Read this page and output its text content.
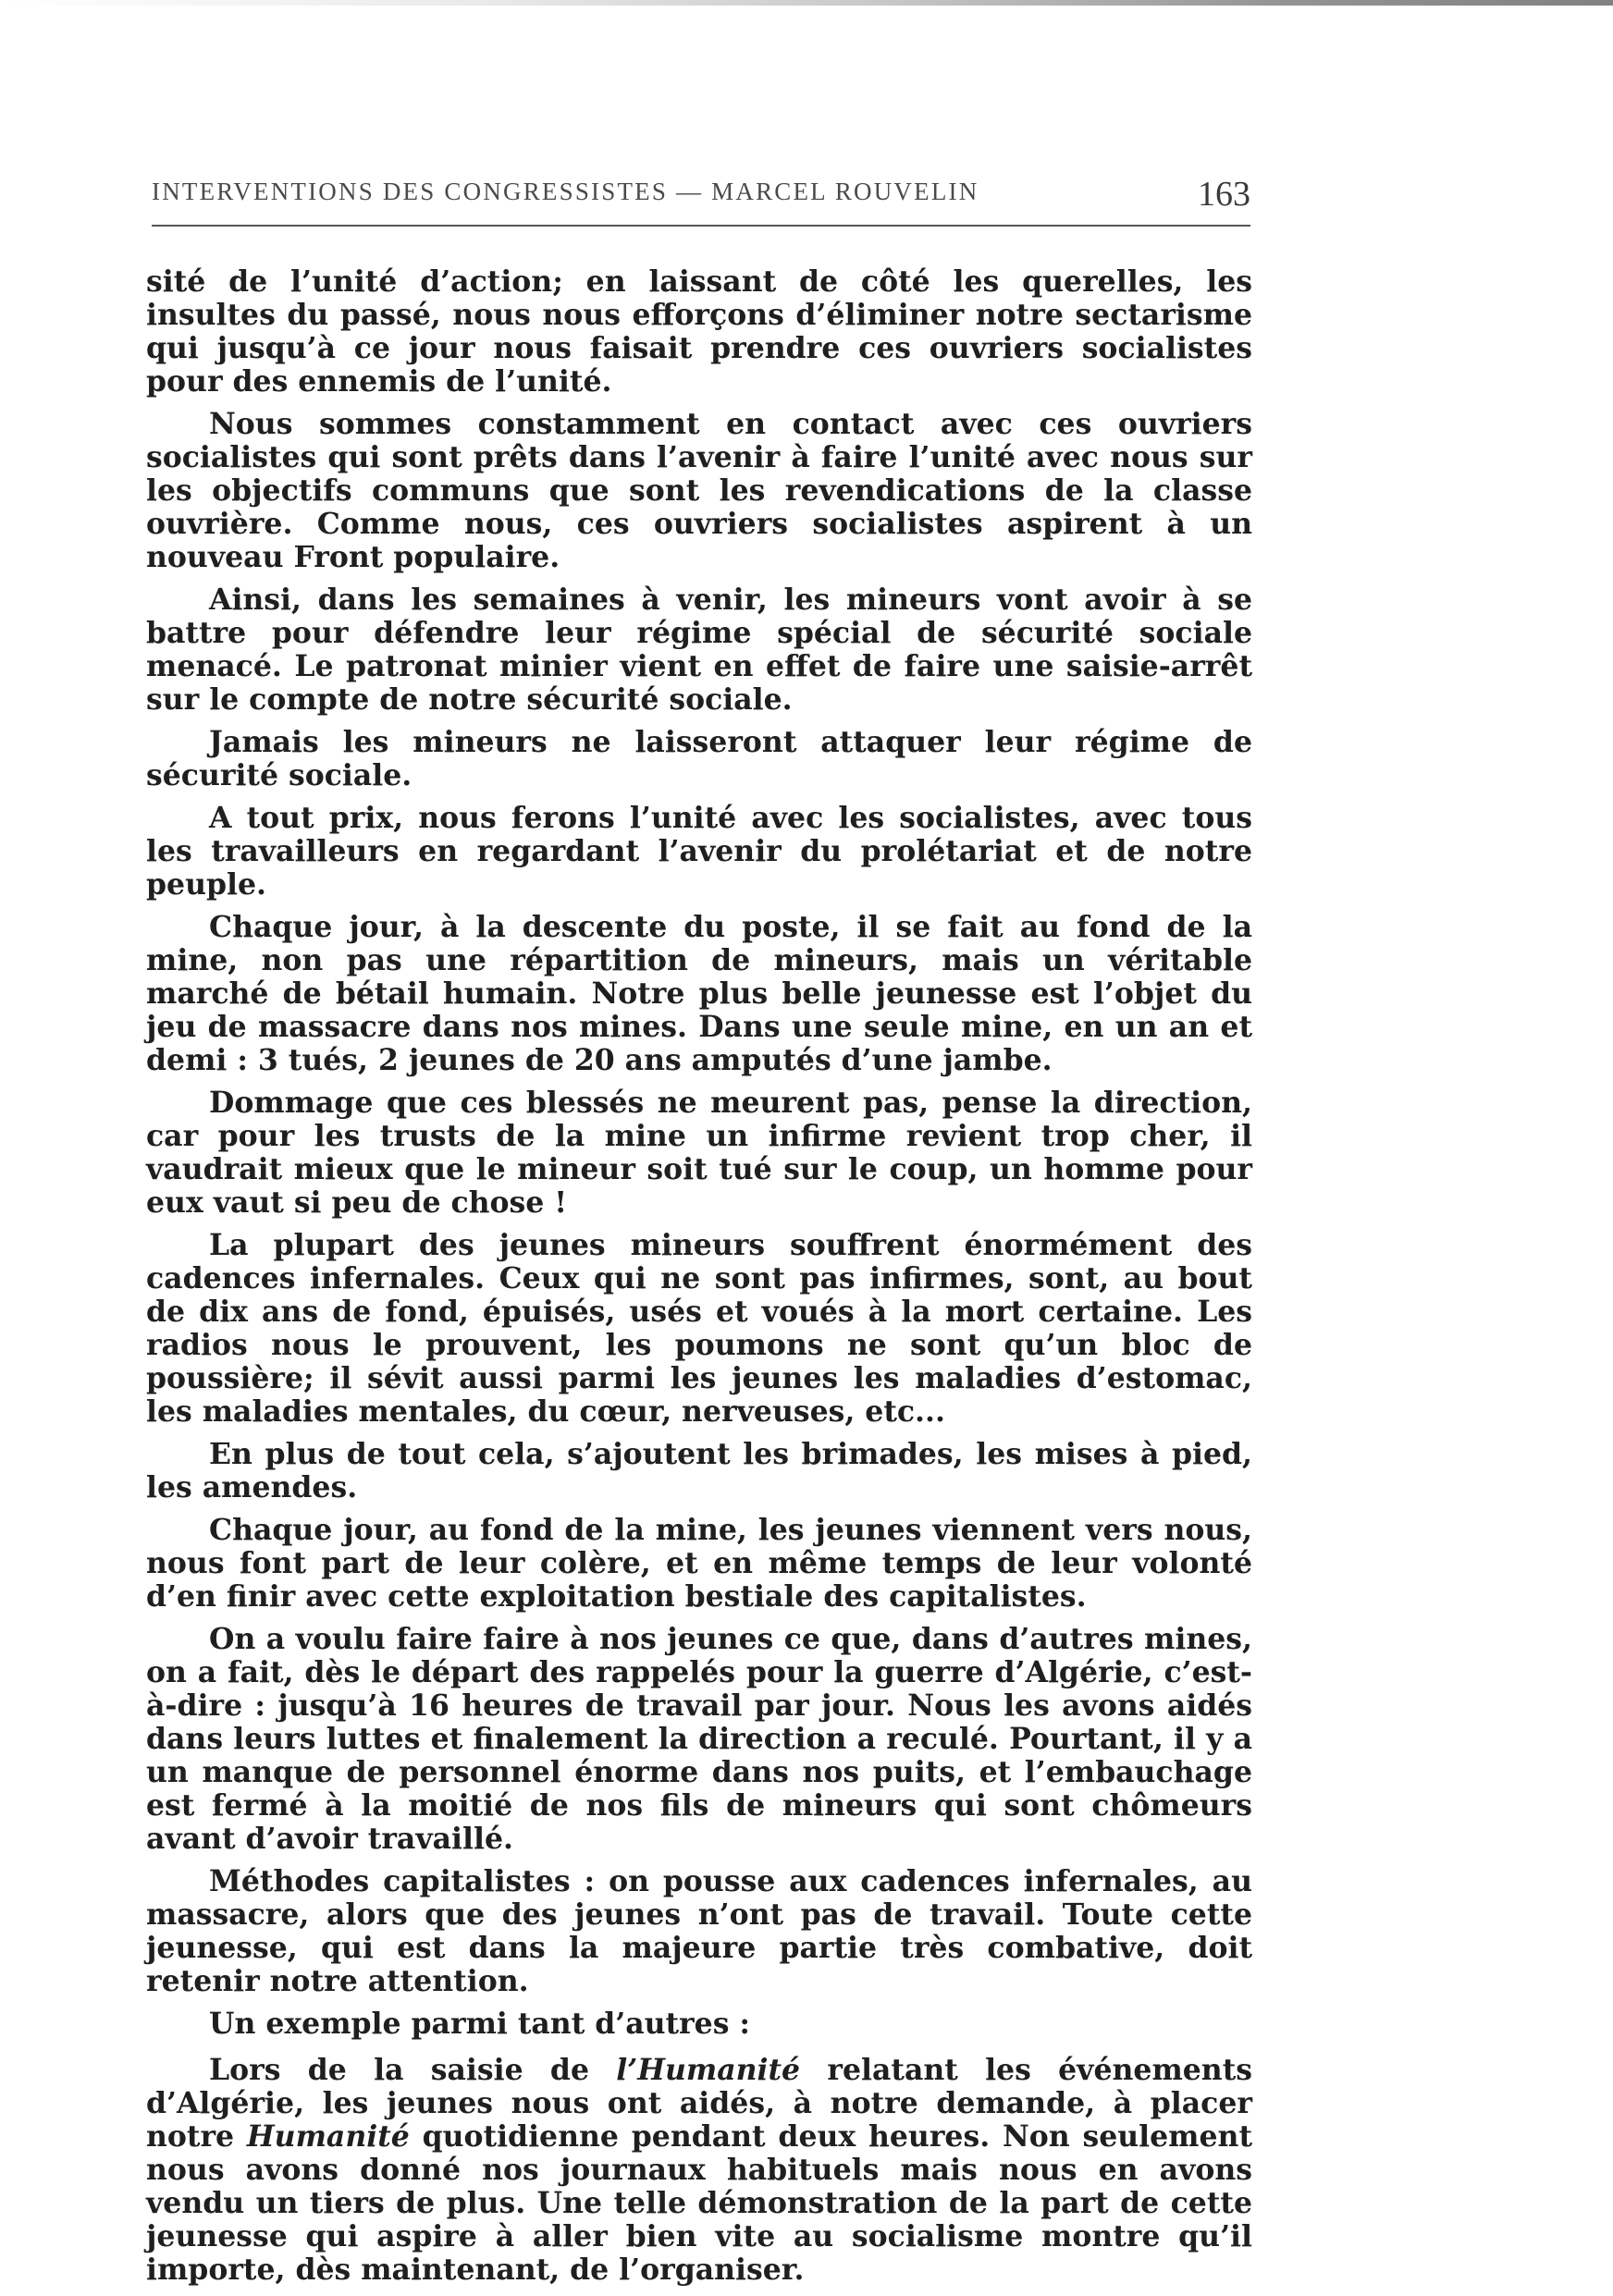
INTERVENTIONS DES CONGRESSISTES — MARCEL ROUVELIN	163

sité de l’unité d’action; en laissant de côté les querelles, les insultes du passé, nous nous efforçons d’éliminer notre sectarisme qui jusqu’à ce jour nous faisait prendre ces ouvriers socialistes pour des ennemis de l’unité.

Nous sommes constamment en contact avec ces ouvriers socialistes qui sont prêts dans l’avenir à faire l’unité avec nous sur les objectifs communs que sont les revendications de la classe ouvrière. Comme nous, ces ouvriers socialistes aspirent à un nouveau Front populaire.

Ainsi, dans les semaines à venir, les mineurs vont avoir à se battre pour défendre leur régime spécial de sécurité sociale menacé. Le patronat minier vient en effet de faire une saisie-arrêt sur le compte de notre sécurité sociale.

Jamais les mineurs ne laisseront attaquer leur régime de sécurité sociale.

A tout prix, nous ferons l’unité avec les socialistes, avec tous les travailleurs en regardant l’avenir du prolétariat et de notre peuple.

Chaque jour, à la descente du poste, il se fait au fond de la mine, non pas une répartition de mineurs, mais un véritable marché de bétail humain. Notre plus belle jeunesse est l’objet du jeu de massacre dans nos mines. Dans une seule mine, en un an et demi : 3 tués, 2 jeunes de 20 ans amputés d’une jambe.

Dommage que ces blessés ne meurent pas, pense la direction, car pour les trusts de la mine un infirme revient trop cher, il vaudrait mieux que le mineur soit tué sur le coup, un homme pour eux vaut si peu de chose !

La plupart des jeunes mineurs souffrent énormément des cadences infernales. Ceux qui ne sont pas infirmes, sont, au bout de dix ans de fond, épuisés, usés et voués à la mort certaine. Les radios nous le prouvent, les poumons ne sont qu’un bloc de poussière; il sévit aussi parmi les jeunes les maladies d’estomac, les maladies mentales, du cœur, nerveuses, etc...

En plus de tout cela, s’ajoutent les brimades, les mises à pied, les amendes.

Chaque jour, au fond de la mine, les jeunes viennent vers nous, nous font part de leur colère, et en même temps de leur volonté d’en finir avec cette exploitation bestiale des capitalistes.

On a voulu faire faire à nos jeunes ce que, dans d’autres mines, on a fait, dès le départ des rappelés pour la guerre d’Algérie, c’est-à-dire : jusqu’à 16 heures de travail par jour. Nous les avons aidés dans leurs luttes et finalement la direction a reculé. Pourtant, il y a un manque de personnel énorme dans nos puits, et l’embauchage est fermé à la moitié de nos fils de mineurs qui sont chômeurs avant d’avoir travaillé.

Méthodes capitalistes : on pousse aux cadences infernales, au massacre, alors que des jeunes n’ont pas de travail. Toute cette jeunesse, qui est dans la majeure partie très combative, doit retenir notre attention.

Un exemple parmi tant d’autres :

Lors de la saisie de l’Humanité relatant les événements d’Algérie, les jeunes nous ont aidés, à notre demande, à placer notre Humanité quotidienne pendant deux heures. Non seulement nous avons donné nos journaux habituels mais nous en avons vendu un tiers de plus. Une telle démonstration de la part de cette jeunesse qui aspire à aller bien vite au socialisme montre qu’il importe, dès maintenant, de l’organiser.
